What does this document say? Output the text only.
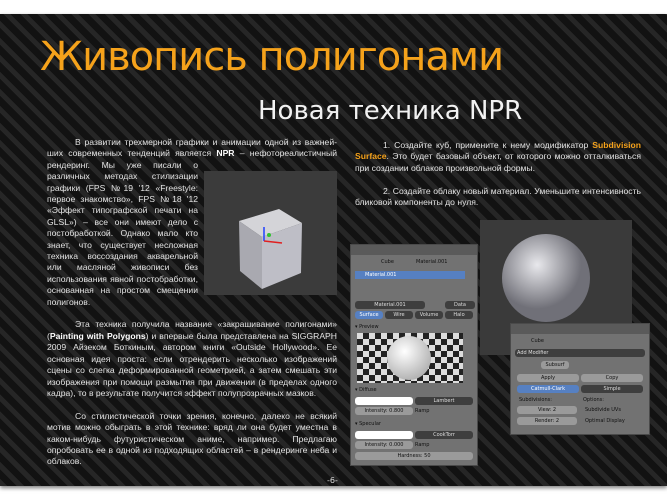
Живопись полигонами
Новая техника NPR

В развитии трехмерной графики и анимации одной из важней-ших современных тенденций является NPR – нефотореалистичный рендеринг. Мы уже писали о различных методах стилизации графики (FPS №19 '12 «Freestyle: первое знакомство», FPS №18 '12 «Эффект типографской печати на GLSL») – все они имеют дело с постобработкой. Однако мало кто знает, что существует несложная техника воссоздания акварельной или масляной живописи без использования явной постобработки, основанная на простом смещении полигонов.

Эта техника получила название «закрашивание полигонами» (Painting with Polygons) и впервые была представлена на SIGGRAPH 2009 Айзеком Боткиным, автором книги «Outside Hollywood». Ее основная идея проста: если отрендерить несколько изображений сцены со слегка деформированной геометрией, а затем смешать эти изображения при помощи размытия при движении (в пределах одного кадра), то в результате получится эффект полупрозрачных мазков.

Со стилистической точки зрения, конечно, далеко не всякий мотив можно обыграть в этой технике: вряд ли она будет уместна в каком-нибудь футуристическом аниме, например. Предлагаю опробовать ее в одной из подходящих областей – в рендеринге неба и облаков.

1. Создайте куб, примените к нему модификатор Subdivision Surface. Это будет базовый объект, от которого можно отталкиваться при создании облаков произвольной формы.

2. Создайте облаку новый материал. Уменьшите интенсивность бликовой компоненты до нуля.

Cube	Material.001
Material.001
Material.001	Data
Surface	Wire	Volume	Halo
▾ Preview
▾ Diffuse
Lambert
Intensity: 0.800	Ramp
▾ Specular
CookTorr
Intensity: 0.000	Ramp
Hardness: 50
Cube
Add Modifier
Subsurf
Apply	Copy
Catmull-Clark	Simple
Subdivisions:	Options:
View: 2	Subdivide UVs
Render: 2	Optimal Display
-6-
